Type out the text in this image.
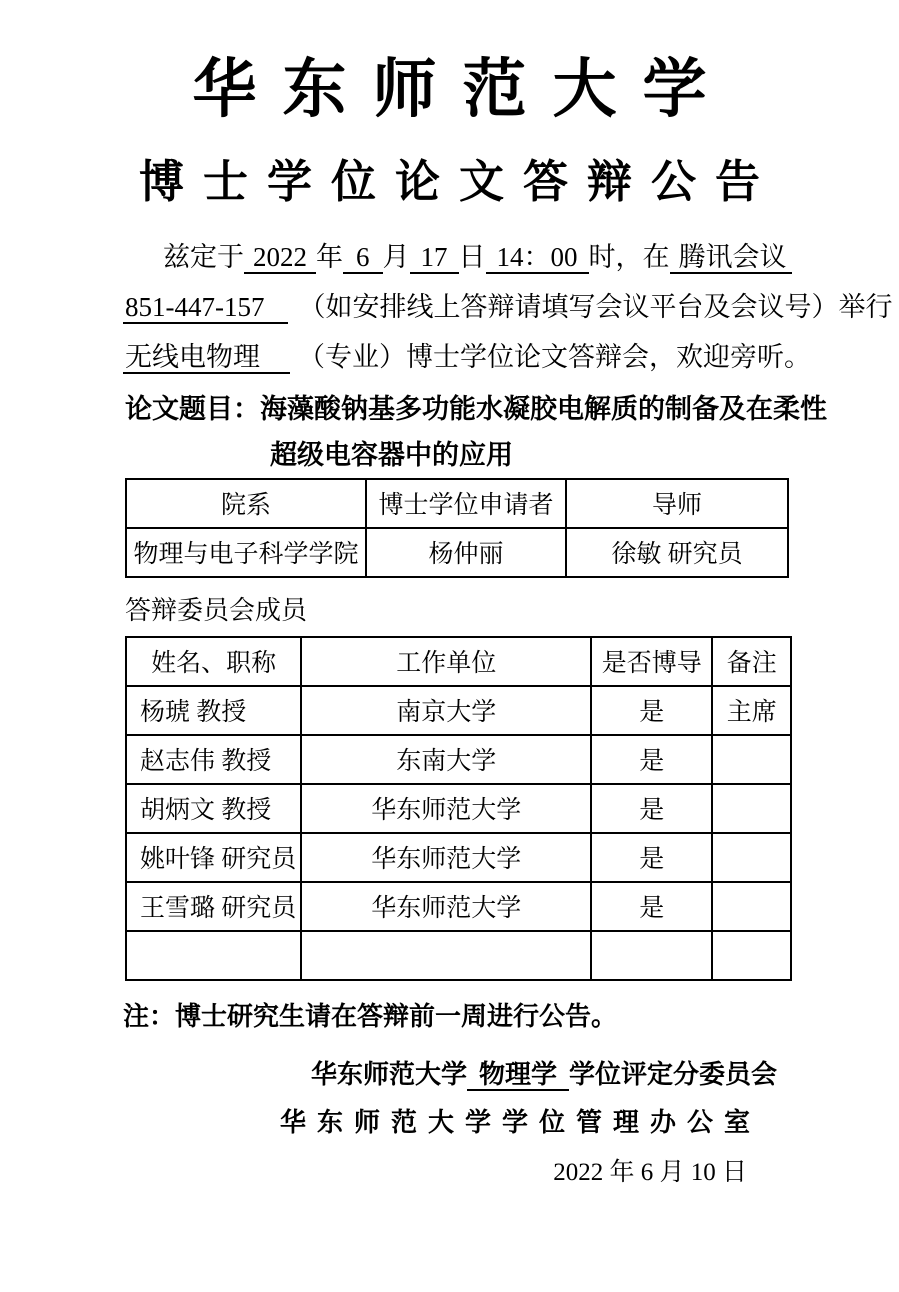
华东师范大学
博士学位论文答辩公告
兹定于 2022 年 6 月 17 日 14：00 时，在 腾讯会议
851-447-157 （如安排线上答辩请填写会议平台及会议号）举行
无线电物理 （专业）博士学位论文答辩会，欢迎旁听。
论文题目：海藻酸钠基多功能水凝胶电解质的制备及在柔性
超级电容器中的应用
院系	博士学位申请者	导师
物理与电子科学学院	杨仲丽	徐敏 研究员
答辩委员会成员
姓名、职称	工作单位	是否博导	备注
杨琥 教授	南京大学	是	主席
赵志伟 教授	东南大学	是	
胡炳文 教授	华东师范大学	是	
姚叶锋 研究员	华东师范大学	是	
王雪璐 研究员	华东师范大学	是	

注：博士研究生请在答辩前一周进行公告。
华东师范大学 物理学 学位评定分委员会
华东师范大学学位管理办公室
2022 年 6 月 10 日
